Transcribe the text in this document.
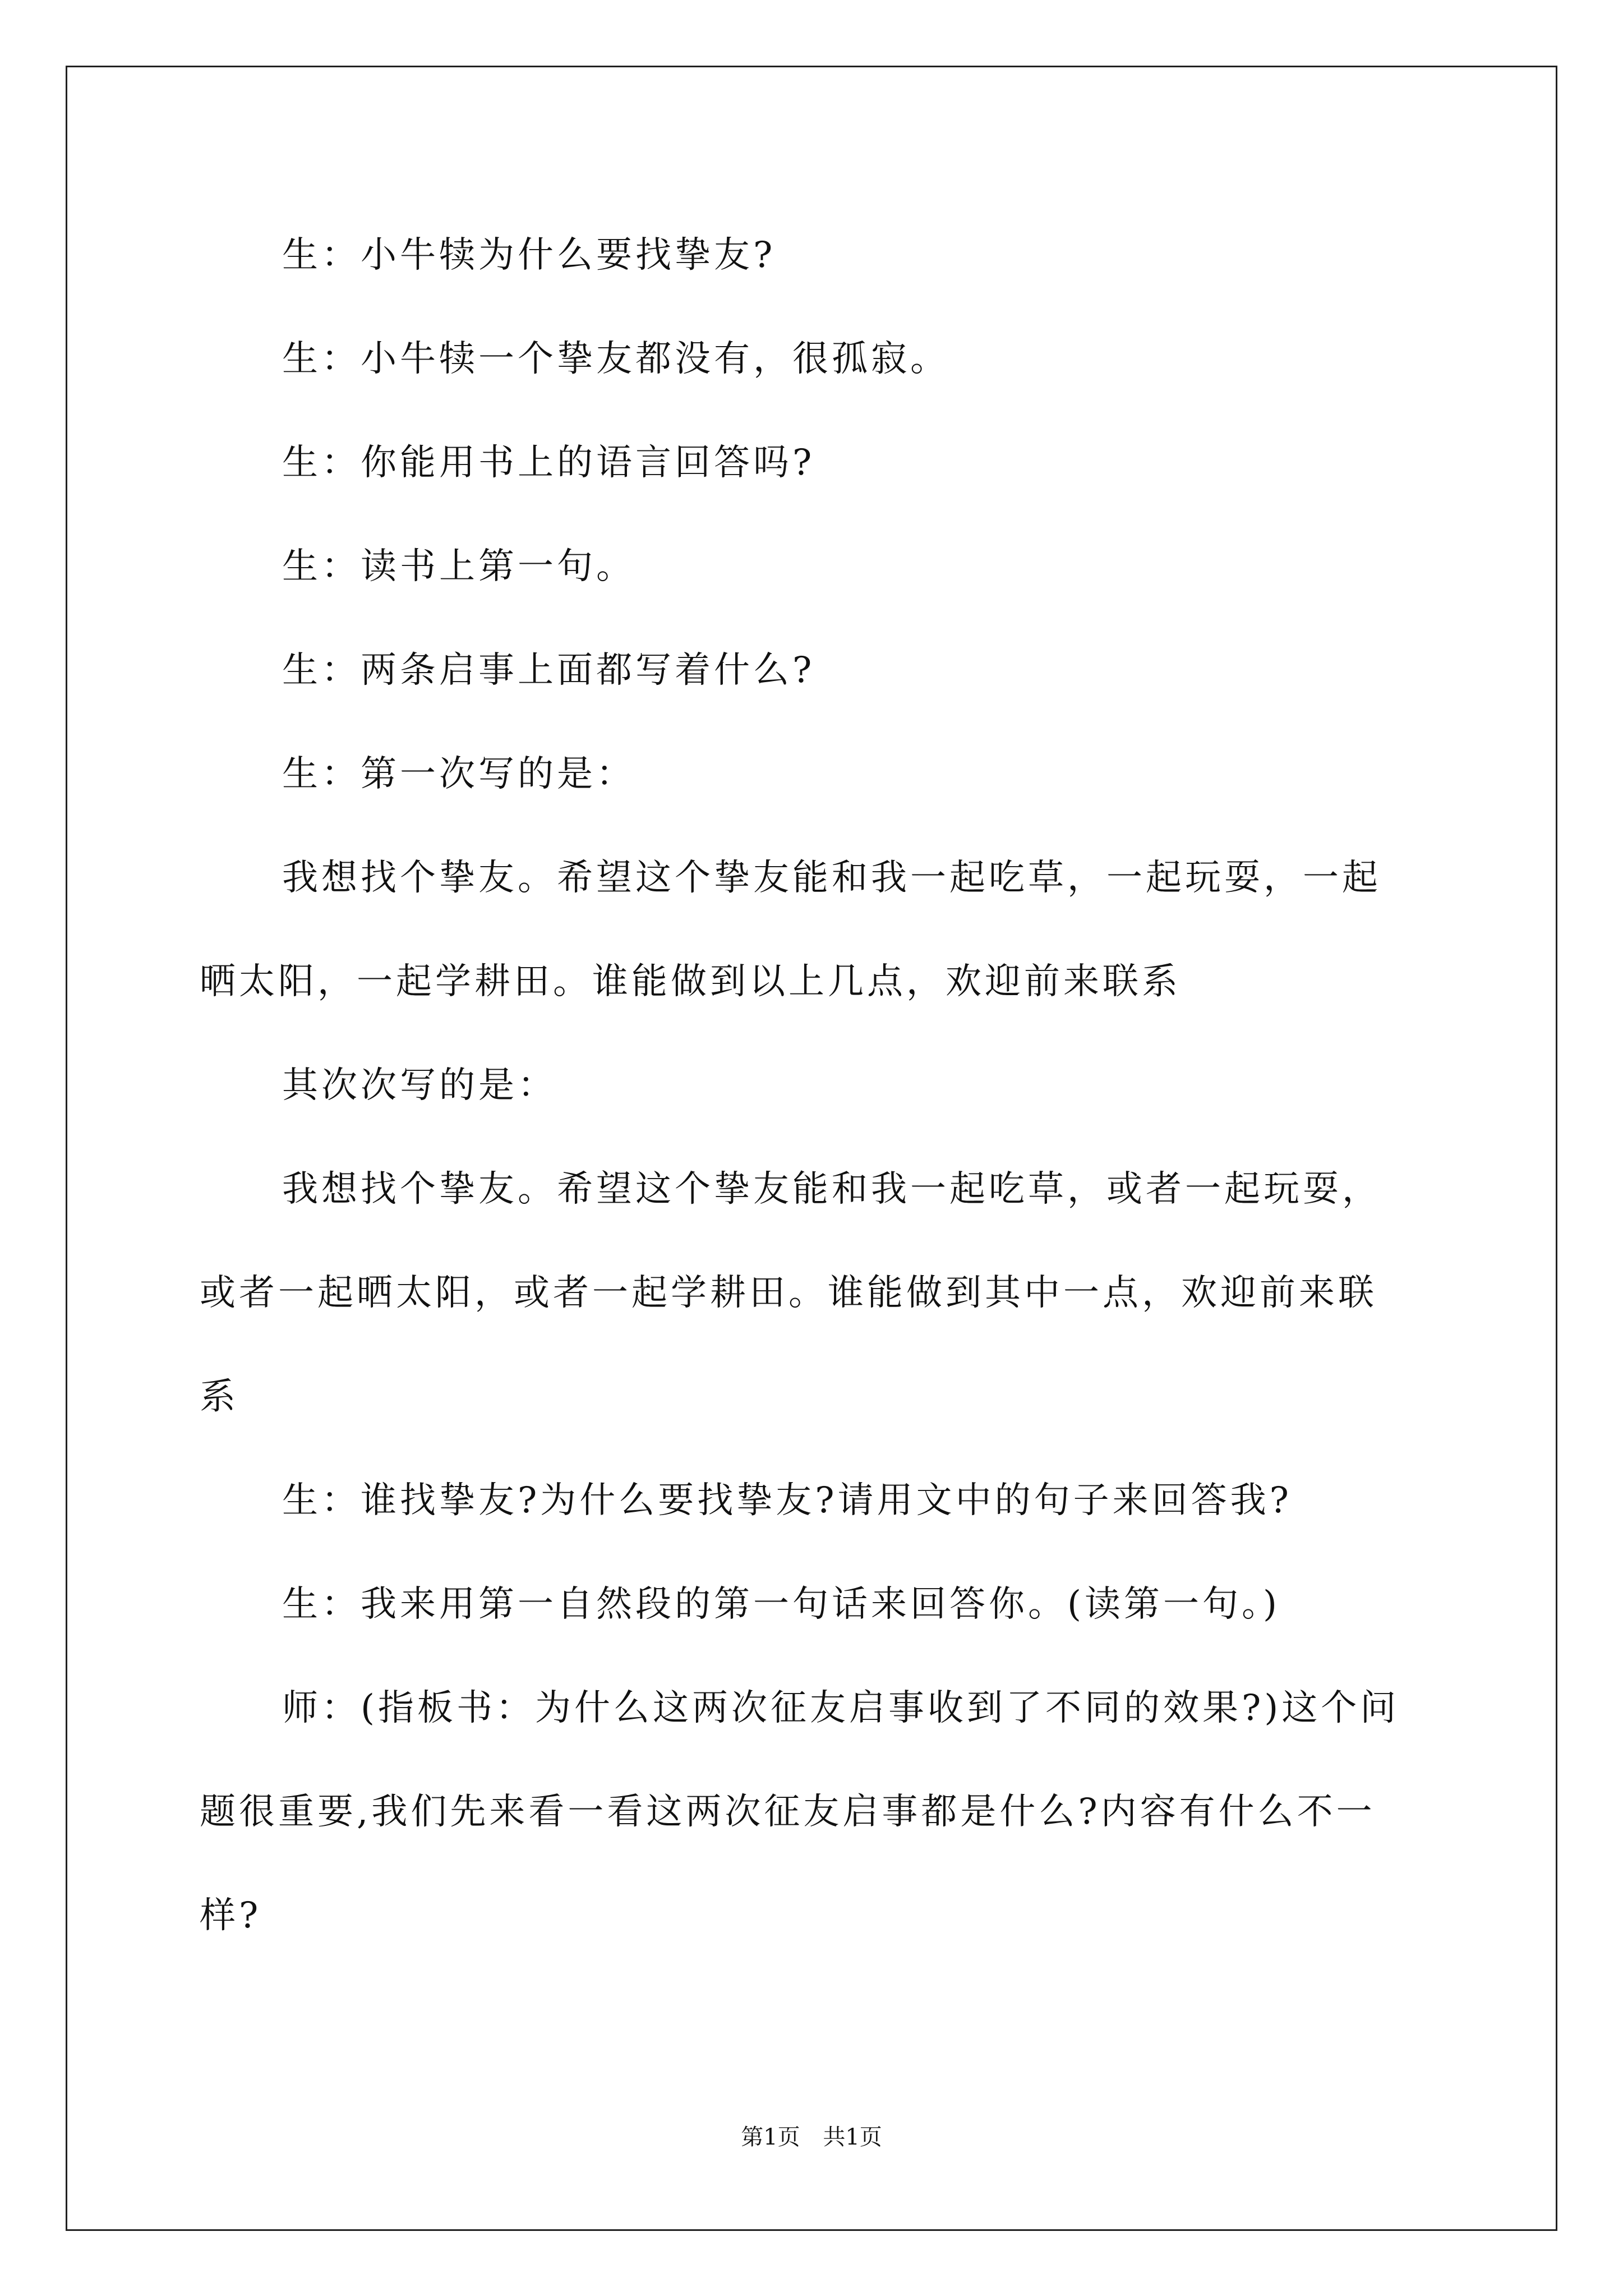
生：小牛犊为什么要找挚友?
生：小牛犊一个挚友都没有，很孤寂。
生：你能用书上的语言回答吗?
生：读书上第一句。
生：两条启事上面都写着什么?
生：第一次写的是：
我想找个挚友。希望这个挚友能和我一起吃草，一起玩耍，一起
晒太阳，一起学耕田。谁能做到以上几点，欢迎前来联系
其次次写的是：
我想找个挚友。希望这个挚友能和我一起吃草，或者一起玩耍，
或者一起晒太阳，或者一起学耕田。谁能做到其中一点，欢迎前来联
系
生：谁找挚友?为什么要找挚友?请用文中的句子来回答我?
生：我来用第一自然段的第一句话来回答你。(读第一句。)
师：(指板书：为什么这两次征友启事收到了不同的效果?)这个问
题很重要,我们先来看一看这两次征友启事都是什么?内容有什么不一
样?
第1页 共1页
